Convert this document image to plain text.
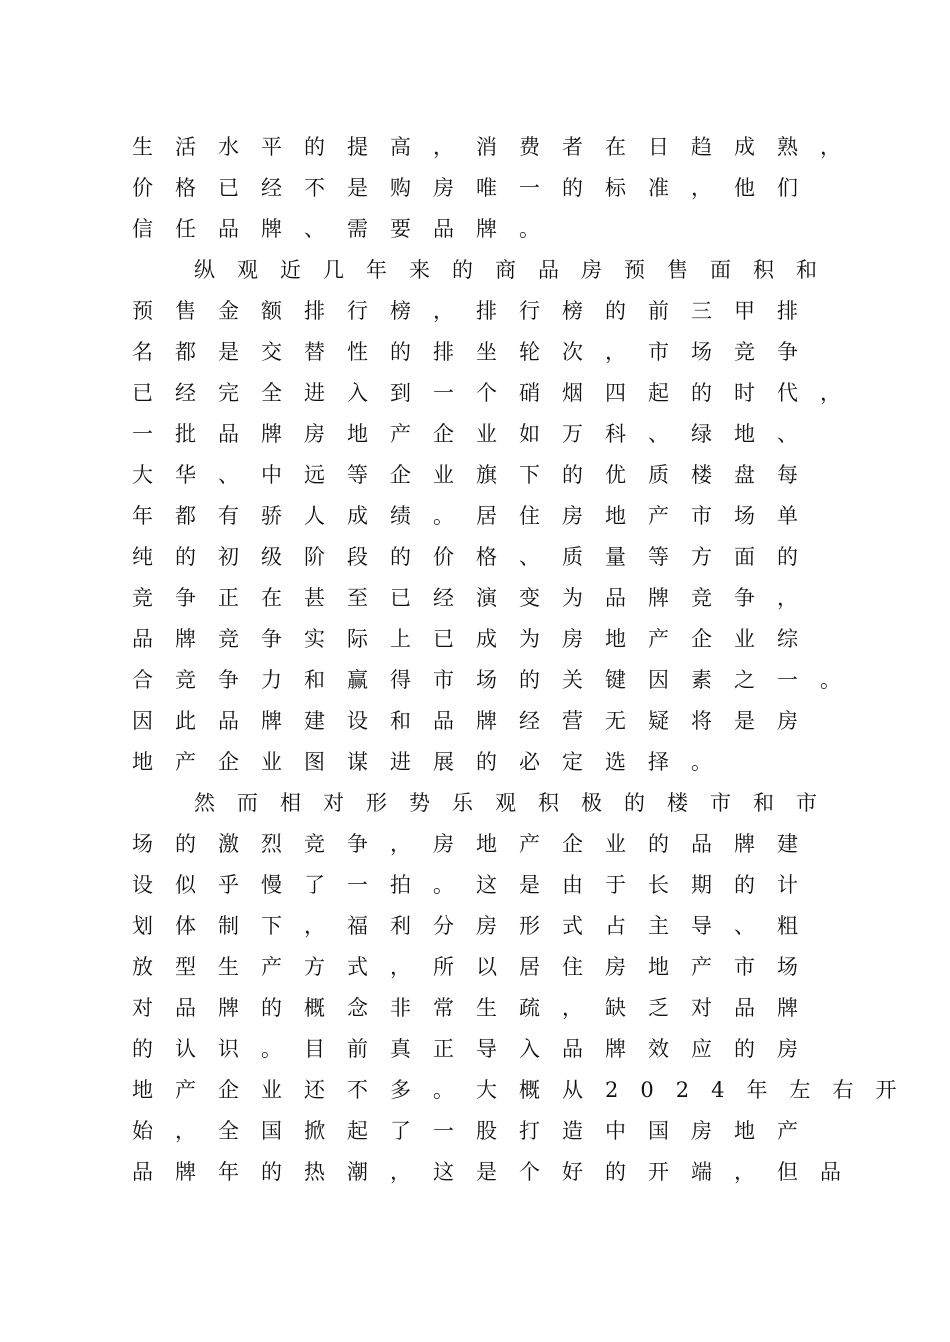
生活水平的提高，消费者在日趋成熟，
价格已经不是购房唯一的标准，他们
信任品牌、需要品牌。
纵观近几年来的商品房预售面积和
预售金额排行榜，排行榜的前三甲排
名都是交替性的排坐轮次，市场竞争
已经完全进入到一个硝烟四起的时代，
一批品牌房地产企业如万科、绿地、
大华、中远等企业旗下的优质楼盘每
年都有骄人成绩。居住房地产市场单
纯的初级阶段的价格、质量等方面的
竞争正在甚至已经演变为品牌竞争，
品牌竞争实际上已成为房地产企业综
合竞争力和赢得市场的关键因素之一。
因此品牌建设和品牌经营无疑将是房
地产企业图谋进展的必定选择。
然而相对形势乐观积极的楼市和市
场的激烈竞争，房地产企业的品牌建
设似乎慢了一拍。这是由于长期的计
划体制下，福利分房形式占主导、粗
放型生产方式，所以居住房地产市场
对品牌的概念非常生疏，缺乏对品牌
的认识。目前真正导入品牌效应的房
地产企业还不多。大概从2024年左右开
始，全国掀起了一股打造中国房地产
品牌年的热潮，这是个好的开端，但品
